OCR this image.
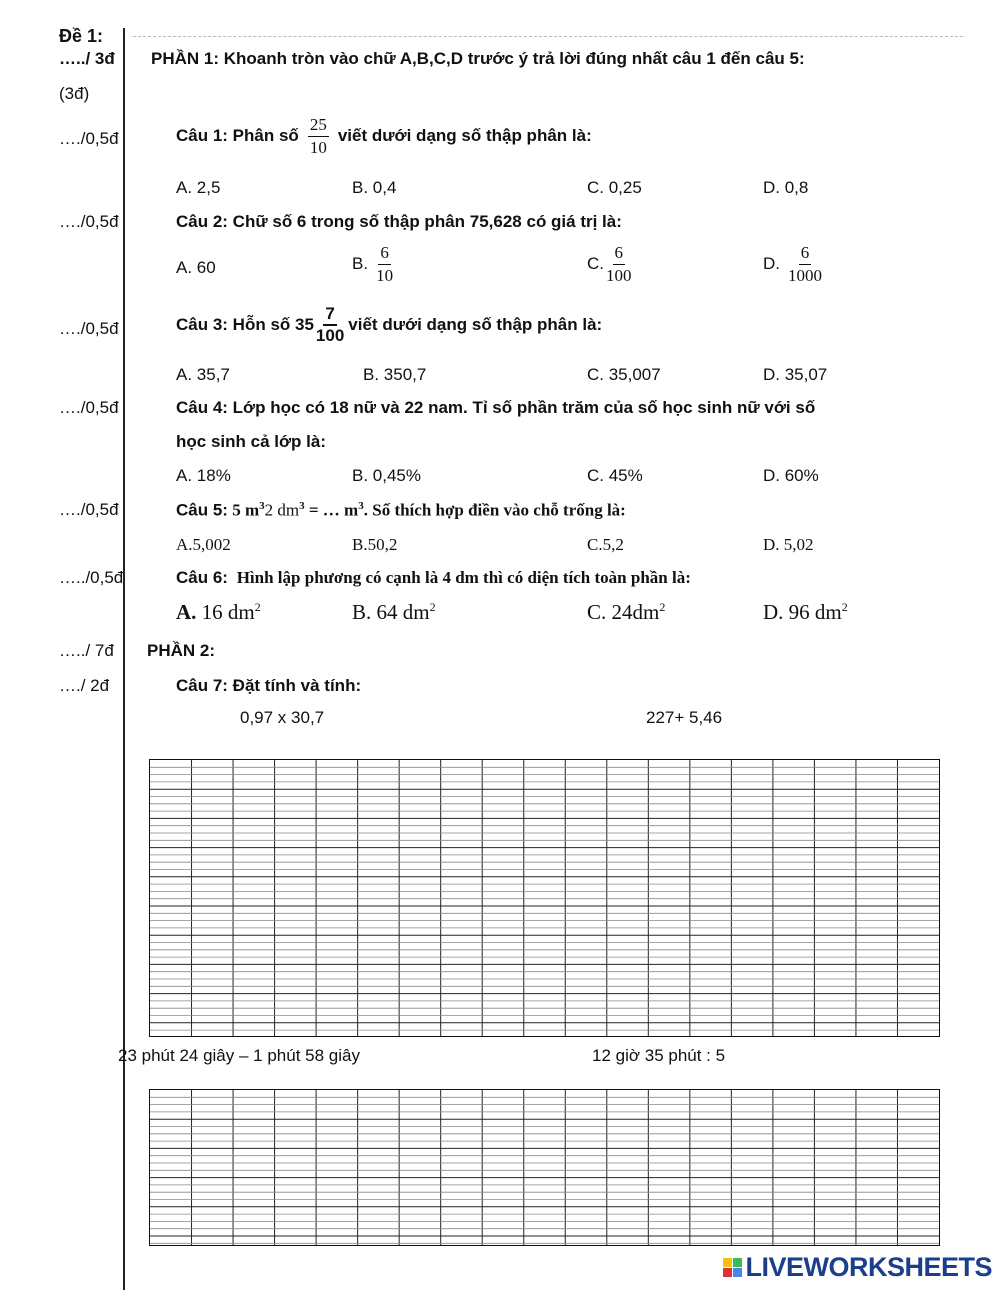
Đề 1:
…../ 3đ PHẦN 1: Khoanh tròn vào chữ A,B,C,D trước ý trả lời đúng nhất câu 1 đến câu 5:
(3đ)
…./0,5đ	Câu 1: Phân số $\frac{25}{10}$ viết dưới dạng số thập phân là:
A. 2,5	B. 0,4	C. 0,25	D. 0,8
…./0,5đ	Câu 2: Chữ số 6 trong số thập phân 75,628 có giá trị là:
A. 60	B. $\frac{6}{10}$	C. $\frac{6}{100}$	D. $\frac{6}{1000}$
…./0,5đ	Câu 3: Hỗn số $35 \frac{7}{100}$ viết dưới dạng số thập phân là:
A. 35,7	B. 350,7	C. 35,007	D. 35,07
…./0,5đ	Câu 4: Lớp học có 18 nữ và 22 nam. Tỉ số phần trăm của số học sinh nữ với số
học sinh cả lớp là:
A. 18%	B. 0,45%	C. 45%	D. 60%
…./0,5đ	Câu 5: 5 $m^32$ $dm^3$ = … $m^3$. Số thích hợp điền vào chỗ trống là:
A.5,002	B.50,2	C.5,2	D. 5,02
…../0,5đ	Câu 6: Hình lập phương có cạnh là 4 dm thì có diện tích toàn phần là:
A. 16 $dm^2$	B. 64 $dm^2$	C. $24dm^2$	D. 96 $dm^2$
…../ 7đ PHẦN 2:
…./ 2đ	Câu 7: Đặt tính và tính:
0,97 x 30,7	227+ 5,46
23 phút 24 giây – 1 phút 58 giây	12 giờ 35 phút : 5
LIVEWORKSHEETS
